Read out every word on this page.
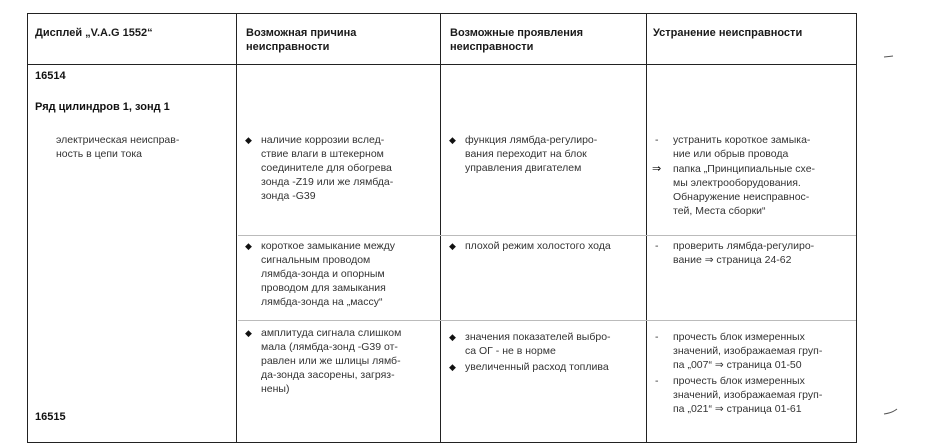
Дисплей „V.A.G 1552“	Возможная причина
неисправности
Возможные проявления
неисправности
Устранение неисправности
16514
Ряд цилиндров 1, зонд 1
электрическая неисправ-
ность в цепи тока
16515
◆ наличие коррозии вслед-
ствие влаги в штекерном
соединителе для обогрева
зонда -Z19 или же лямбда-
зонда -G39
◆ функция лямбда-регулиро-
вания переходит на блок
управления двигателем
- устранить короткое замыка-
ние или обрыв провода
⇒ папка „Принципиальные схе-
мы электрооборудования.
Обнаружение неисправнос-
тей, Места сборки“
◆ короткое замыкание между
сигнальным проводом
лямбда-зонда и опорным
проводом для замыкания
лямбда-зонда на „массу“
◆ плохой режим холостого хода	- проверить лямбда-регулиро-
вание ⇒ страница 24-62
◆ амплитуда сигнала слишком
мала (лямбда-зонд -G39 от-
равлен или же шлицы лямб-
да-зонда засорены, загряз-
нены)
◆ значения показателей выбро-
са ОГ - не в норме
◆ увеличенный расход топлива
- прочесть блок измеренных
значений, изображаемая груп-
па „007“ ⇒ страница 01-50
- прочесть блок измеренных
значений, изображаемая груп-
па „021“ ⇒ страница 01-61
